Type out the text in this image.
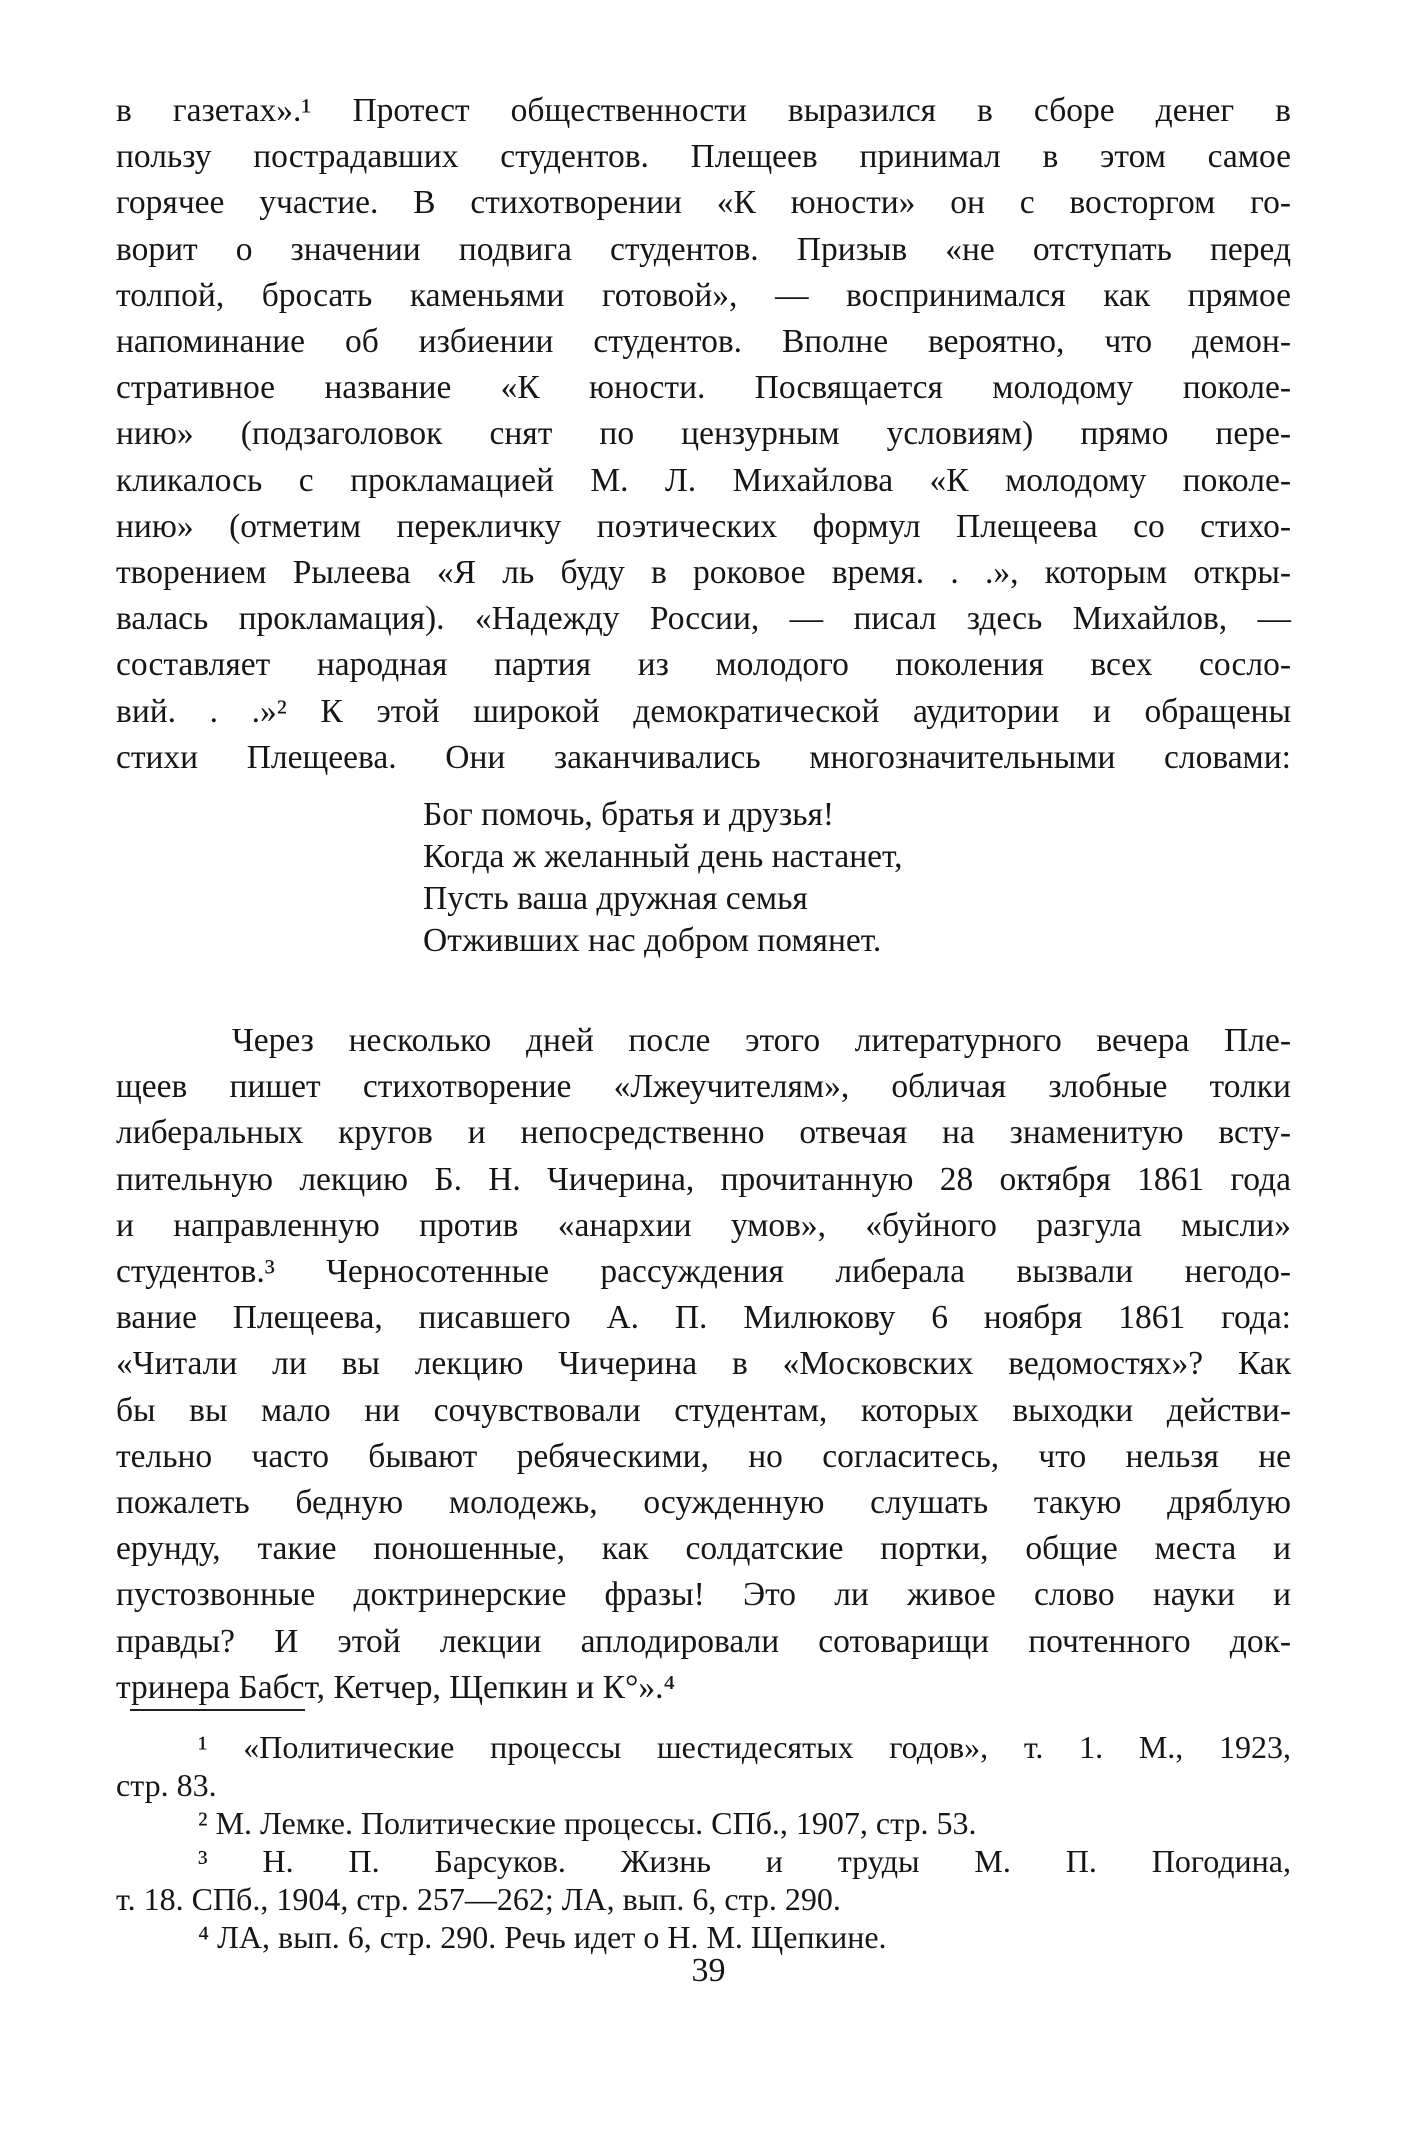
в газетах».¹ Протест общественности выразился в сборе денег в
пользу пострадавших студентов. Плещеев принимал в этом самое
горячее участие. В стихотворении «К юности» он с восторгом го-
ворит о значении подвига студентов. Призыв «не отступать перед
толпой, бросать каменьями готовой», — воспринимался как прямое
напоминание об избиении студентов. Вполне вероятно, что демон-
стративное название «К юности. Посвящается молодому поколе-
нию» (подзаголовок снят по цензурным условиям) прямо пере-
кликалось с прокламацией М. Л. Михайлова «К молодому поколе-
нию» (отметим перекличку поэтических формул Плещеева со стихо-
творением Рылеева «Я ль буду в роковое время. . .», которым откры-
валась прокламация). «Надежду России, — писал здесь Михайлов, —
составляет народная партия из молодого поколения всех сосло-
вий. . .»² К этой широкой демократической аудитории и обращены
стихи Плещеева. Они заканчивались многозначительными словами:
Бог помочь, братья и друзья!
Когда ж желанный день настанет,
Пусть ваша дружная семья
Отживших нас добром помянет.
Через несколько дней после этого литературного вечера Пле-
щеев пишет стихотворение «Лжеучителям», обличая злобные толки
либеральных кругов и непосредственно отвечая на знаменитую всту-
пительную лекцию Б. Н. Чичерина, прочитанную 28 октября 1861 года
и направленную против «анархии умов», «буйного разгула мысли»
студентов.³ Черносотенные рассуждения либерала вызвали негодо-
вание Плещеева, писавшего А. П. Милюкову 6 ноября 1861 года:
«Читали ли вы лекцию Чичерина в «Московских ведомостях»? Как
бы вы мало ни сочувствовали студентам, которых выходки действи-
тельно часто бывают ребяческими, но согласитесь, что нельзя не
пожалеть бедную молодежь, осужденную слушать такую дряблую
ерунду, такие поношенные, как солдатские портки, общие места и
пустозвонные доктринерские фразы! Это ли живое слово науки и
правды? И этой лекции аплодировали сотоварищи почтенного док-
тринера Бабст, Кетчер, Щепкин и К°».⁴
¹ «Политические процессы шестидесятых годов», т. 1. М., 1923,
стр. 83.
² М. Лемке. Политические процессы. СПб., 1907, стр. 53.
³ Н. П. Барсуков. Жизнь и труды М. П. Погодина,
т. 18. СПб., 1904, стр. 257—262; ЛА, вып. 6, стр. 290.
⁴ ЛА, вып. 6, стр. 290. Речь идет о Н. М. Щепкине.
39
